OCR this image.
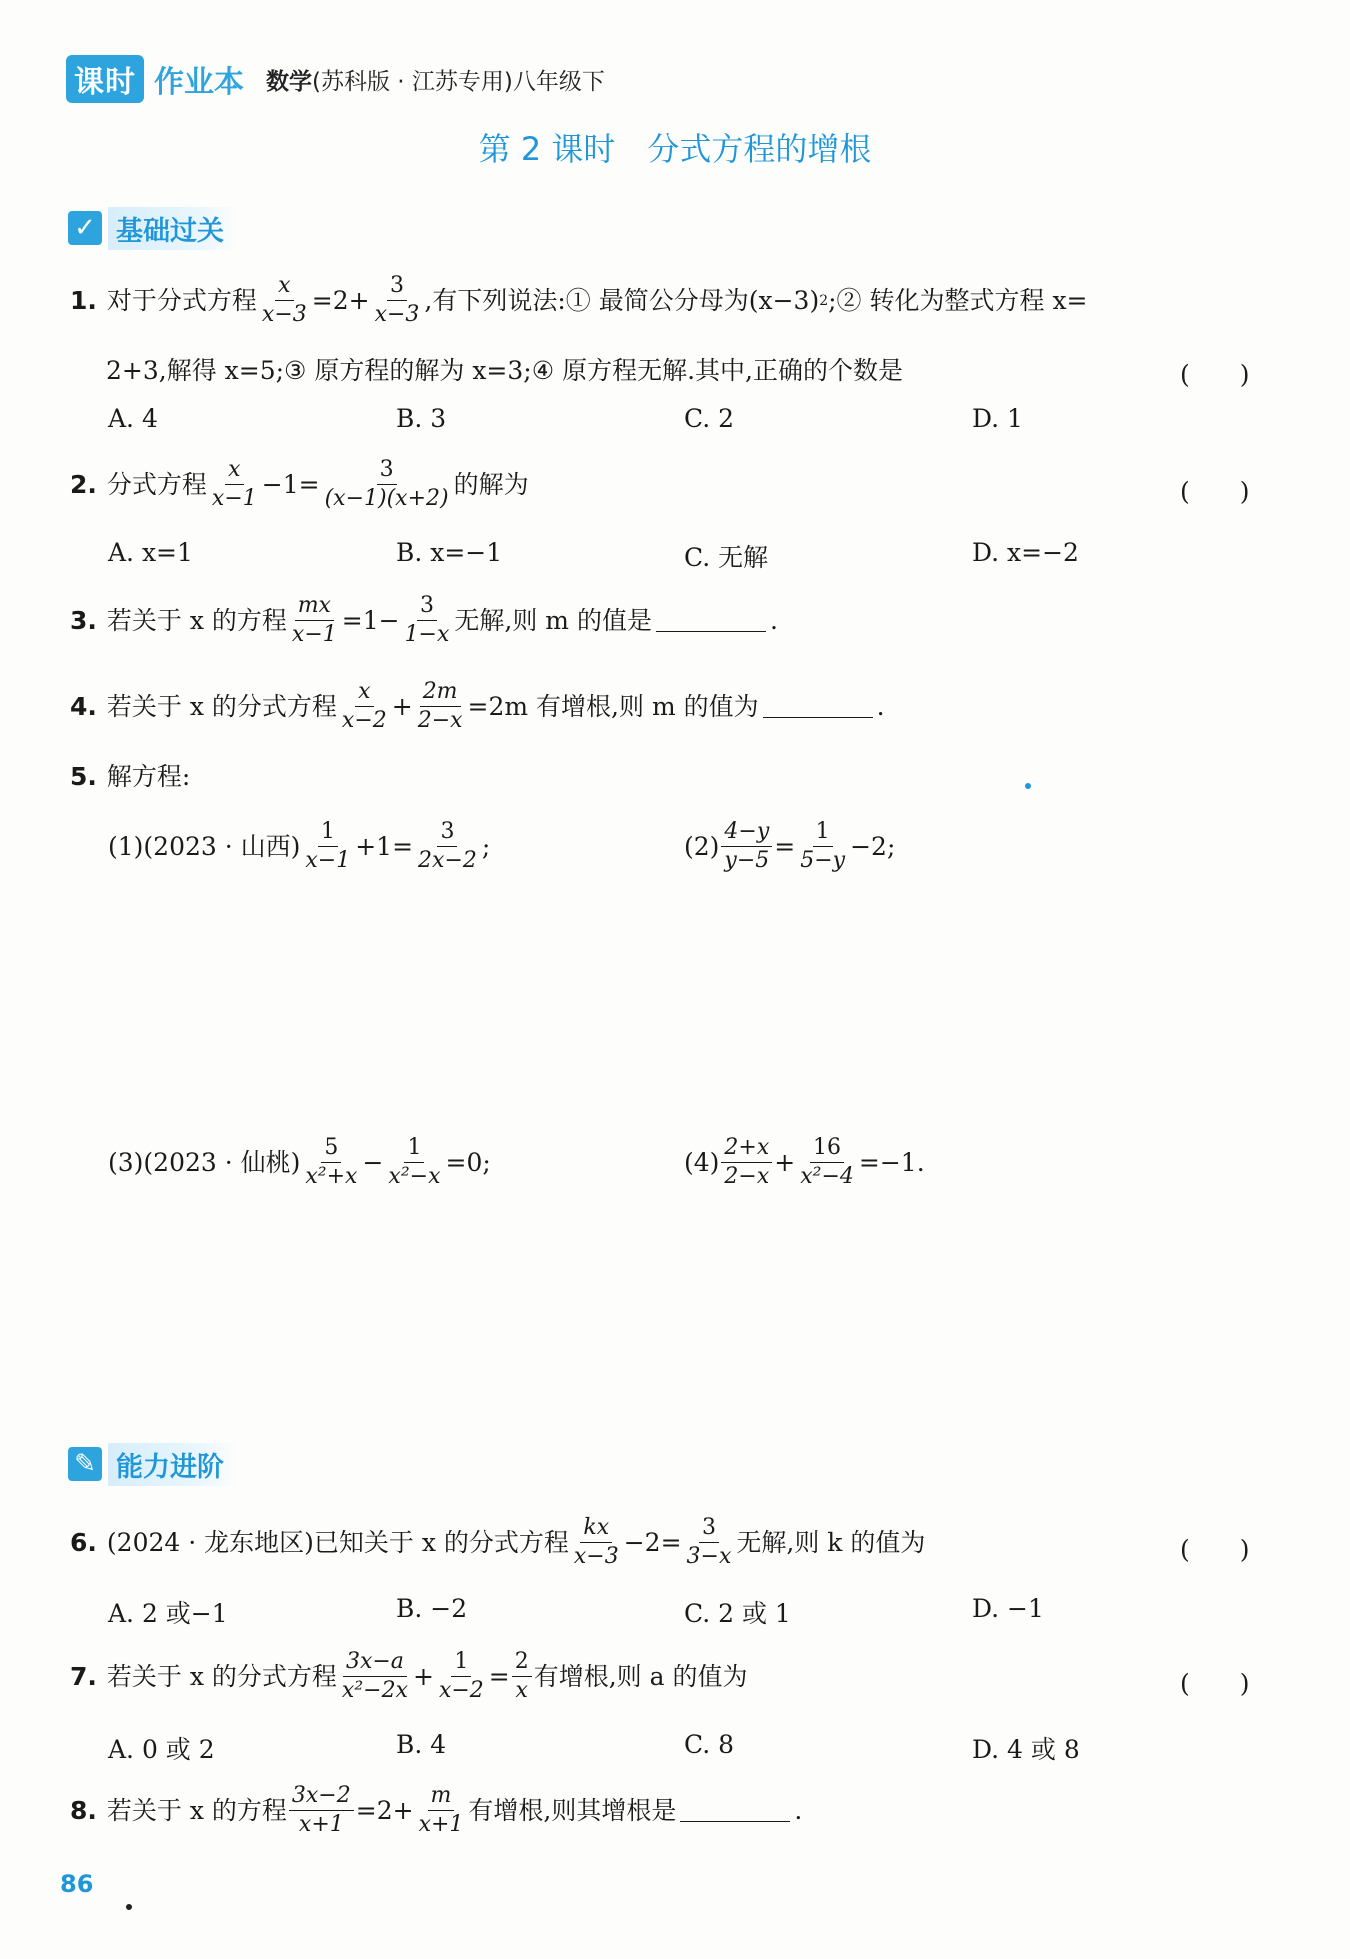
课时 作业本 数学(苏科版 · 江苏专用)八年级下
第 2 课时　分式方程的增根
✓ 基础过关
1. 对于分式方程 $\frac{x}{x-3} =2+ \frac{3}{x-3}$ ,有下列说法:① 最简公分母为(x−3) 2 ;② 转化为整式方程 x=
2+3,解得 x=5;③ 原方程的解为 x=3;④ 原方程无解.其中,正确的个数是	(　　)
A. 4	B. 3	C. 2	D. 1
2. 分式方程 $\frac{x}{x-1} -1= \frac{3}{(x-1)(x+2)}$ 的解为	(　　)
A. x=1	B. x=−1	C. 无解	D. x=−2
3. 若关于 x 的方程 $\frac{mx}{x-1} =1- \frac{3}{1-x}$ 无解,则 m 的值是	.
4. 若关于 x 的分式方程 $\frac{x}{x-2} + \frac{2m}{2-x} =2m$ 有增根,则 m 的值为	.
5. 解方程:
(1)(2023 · 山西) $\frac{1}{x-1} +1= \frac{3}{2x-2}$ ;	$(2) \frac{4-y}{y-5} = \frac{1}{5-y} -2$;
(3)(2023 · 仙桃) $\frac{5}{\text{x²+x}} - \frac{1}{\text{x²−x}} =0$;	$(4) \frac{2+x}{2-x} + \frac{16}{\text{x²−4}} =-1$.
✎ 能力进阶
6. (2024 · 龙东地区)已知关于 x 的分式方程 $\frac{kx}{x-3} -2= \frac{3}{3-x}$ 无解,则 k 的值为	(　　)
A. 2 或−1	B. −2	C. 2 或 1	D. −1
7. 若关于 x 的分式方程 $\frac{3x-a}{\text{x²−2x}} + \frac{1}{x-2} = \frac{2}{x}$ 有增根,则 a 的值为	(　　)
A. 0 或 2	B. 4	C. 8	D. 4 或 8
8. 若关于 x 的方程 $\frac{3x-2}{x+1} =2+ \frac{m}{x+1}$ 有增根,则其增根是	.
86
